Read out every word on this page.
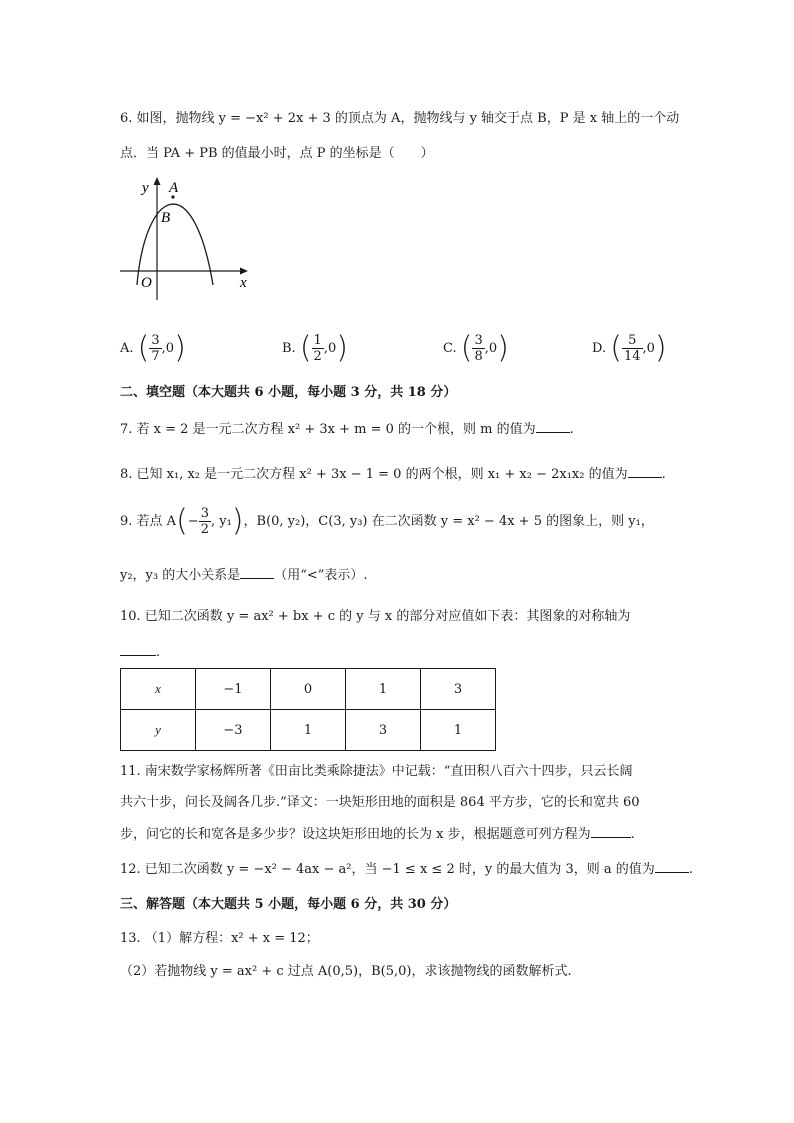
6. 如图，抛物线 y = −x² + 2x + 3 的顶点为 A，抛物线与 y 轴交于点 B，P 是 x 轴上的一个动
点．当 PA + PB 的值最小时，点 P 的坐标是（　　）
y A
B
O	x
A. ( $\frac{3}{7} ,0$)	B. ( $\frac{1}{2} ,0$)	C. ( $\frac{3}{8} ,0$)	D. ( $\frac{5}{14} ,0$)
二、填空题（本大题共 6 小题，每小题 3 分，共 18 分）
7. 若 x = 2 是一元二次方程 x² + 3x + m = 0 的一个根，则 m 的值为	.
8. 已知 x₁, x₂ 是一元二次方程 x² + 3x − 1 = 0 的两个根，则 x₁ + x₂ − 2x₁x₂ 的值为	.
9. 若点 $A(- \frac{3}{2}$ , y₁)，B(0, y₂)，C(3, y₃) 在二次函数 y = x² − 4x + 5 的图象上，则 y₁，
y₂，y₃ 的大小关系是	（用“<”表示）.
10. 已知二次函数 y = ax² + bx + c 的 y 与 x 的部分对应值如下表：其图象的对称轴为
.
x	−1	0	1	3
y	−3	1	3	1
11. 南宋数学家杨辉所著《田亩比类乘除捷法》中记载：“直田积八百六十四步，只云长阔
共六十步，问长及阔各几步.”译文：一块矩形田地的面积是 864 平方步，它的长和宽共 60
步，问它的长和宽各是多少步？设这块矩形田地的长为 x 步，根据题意可列方程为	.
12. 已知二次函数 y = −x² − 4ax − a²，当 −1 ≤ x ≤ 2 时，y 的最大值为 3，则 a 的值为	.
三、解答题（本大题共 5 小题，每小题 6 分，共 30 分）
13. （1）解方程：x² + x = 12；
（2）若抛物线 y = ax² + c 过点 A(0,5)，B(5,0)，求该抛物线的函数解析式.
